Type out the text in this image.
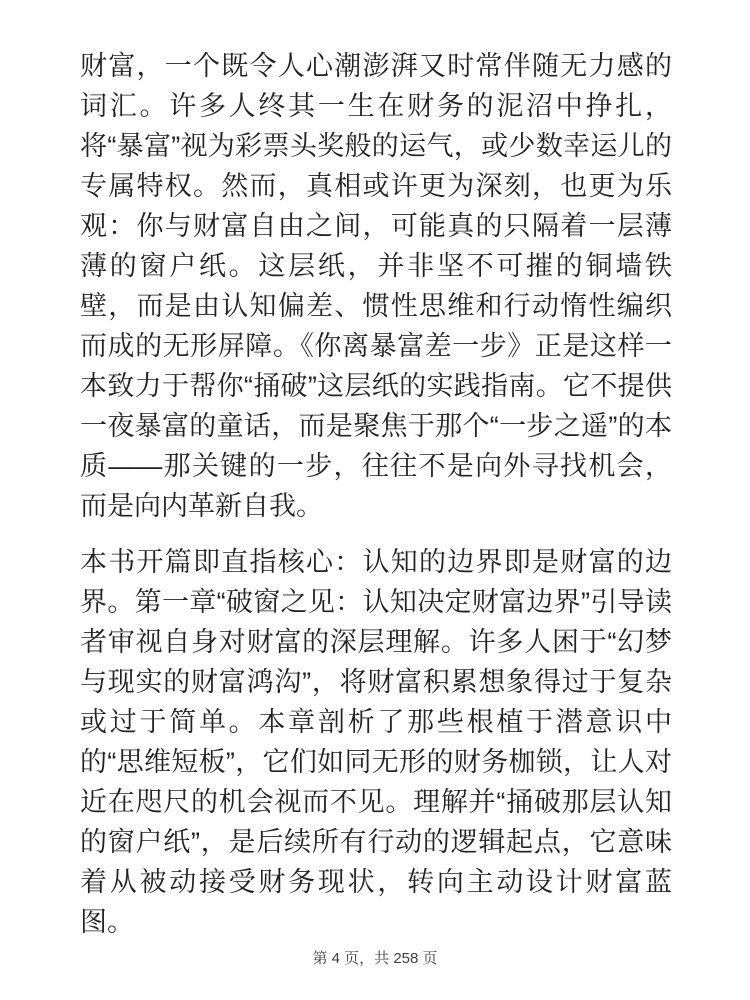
财富，一个既令人心潮澎湃又时常伴随无力感的词汇。许多人终其一生在财务的泥沼中挣扎，将“暴富”视为彩票头奖般的运气，或少数幸运儿的专属特权。然而，真相或许更为深刻，也更为乐观：你与财富自由之间，可能真的只隔着一层薄薄的窗户纸。这层纸，并非坚不可摧的铜墙铁壁，而是由认知偏差、惯性思维和行动惰性编织而成的无形屏障。《你离暴富差一步》正是这样一本致力于帮你“捅破”这层纸的实践指南。它不提供一夜暴富的童话，而是聚焦于那个“一步之遥”的本质——那关键的一步，往往不是向外寻找机会，而是向内革新自我。

本书开篇即直指核心：认知的边界即是财富的边界。第一章“破窗之见：认知决定财富边界”引导读者审视自身对财富的深层理解。许多人困于“幻梦与现实的财富鸿沟”，将财富积累想象得过于复杂或过于简单。本章剖析了那些根植于潜意识中的“思维短板”，它们如同无形的财务枷锁，让人对近在咫尺的机会视而不见。理解并“捅破那层认知的窗户纸”，是后续所有行动的逻辑起点，它意味着从被动接受财务现状，转向主动设计财富蓝图。

第 4 页，共 258 页
